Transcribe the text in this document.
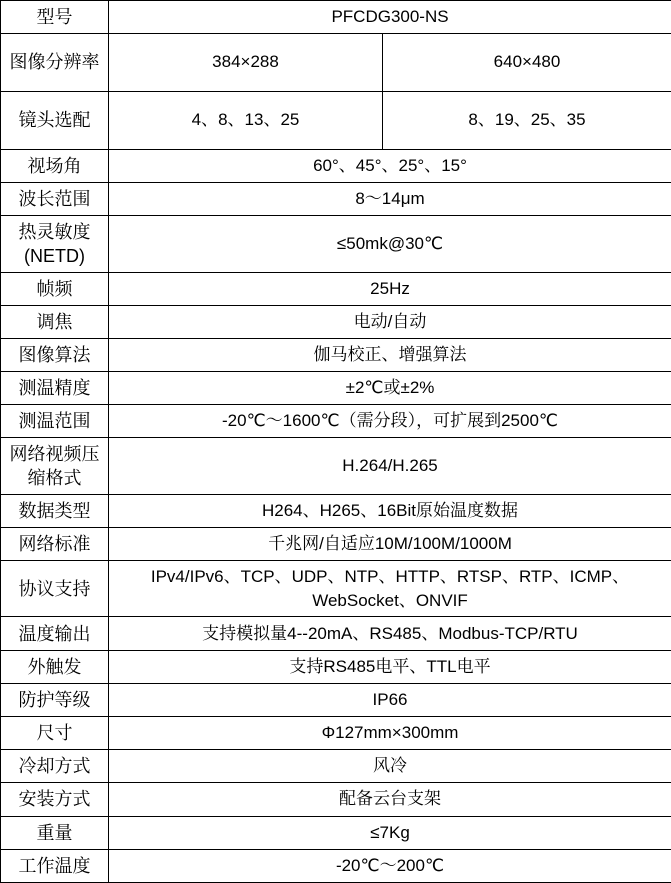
型号	PFCDG300-NS	
图像分辨率	384×288	640×480
镜头选配	4、8、13、25	8、19、25、35
视场角	60°、45°、25°、15°	
波长范围	8～14μm	
热灵敏度(NETD)	≤50mk@30℃	
帧频	25Hz	
调焦	电动/自动	
图像算法	伽马校正、增强算法	
测温精度	±2℃或±2%	
测温范围	-20℃～1600℃（需分段），可扩展到2500℃	
网络视频压缩格式	H.264/H.265	
数据类型	H264、H265、16Bit原始温度数据	
网络标准	千兆网/自适应10M/100M/1000M	
协议支持	IPv4/IPv6、TCP、UDP、NTP、HTTP、RTSP、RTP、ICMP、WebSocket、ONVIF	
温度输出	支持模拟量4--20mA、RS485、Modbus-TCP/RTU	
外触发	支持RS485电平、TTL电平	
防护等级	IP66	
尺寸	Φ127mm×300mm	
冷却方式	风冷	
安装方式	配备云台支架	
重量	≤7Kg	
工作温度	-20℃～200℃	
